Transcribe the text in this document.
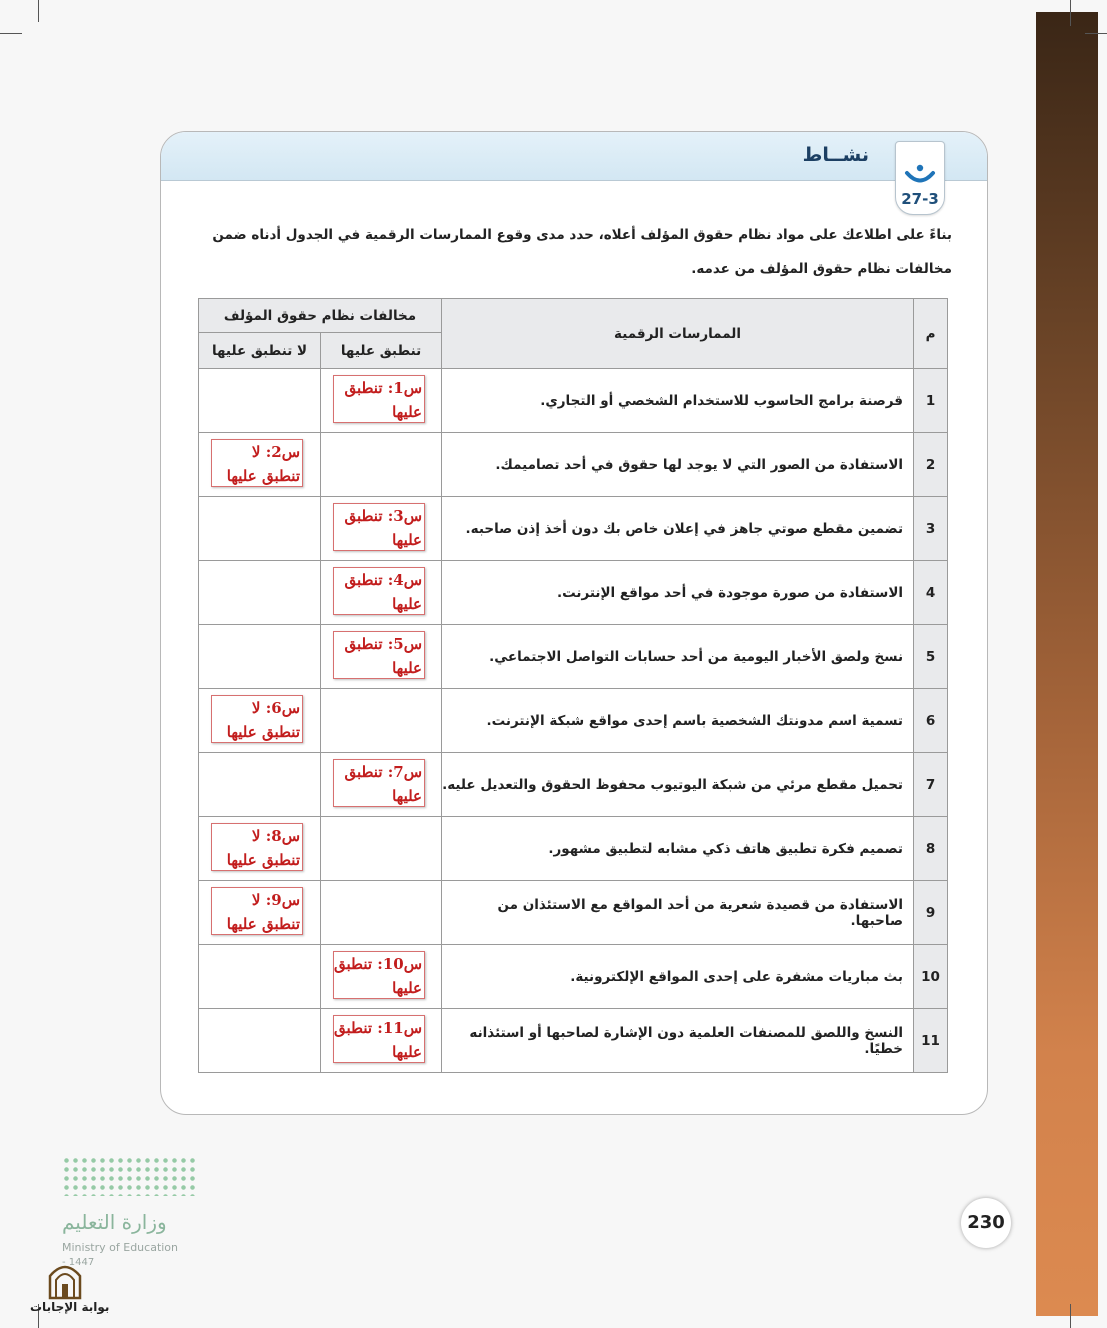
نشــاط
27-3
بناءً على اطلاعك على مواد نظام حقوق المؤلف أعلاه، حدد مدى وقوع الممارسات الرقمية في الجدول أدناه ضمن
مخالفات نظام حقوق المؤلف من عدمه.
م	الممارسات الرقمية	مخالفات نظام حقوق المؤلف	
		تنطبق عليها	لا تنطبق عليها
1	قرصنة برامج الحاسوب للاستخدام الشخصي أو التجاري.	س1: تنطبق عليها	

2	الاستفادة من الصور التي لا يوجد لها حقوق في أحد تصاميمك.		س2: لا تنطبق عليها

3	تضمين مقطع صوتي جاهز في إعلان خاص بك دون أخذ إذن صاحبه.	س3: تنطبق عليها	

4	الاستفادة من صورة موجودة في أحد مواقع الإنترنت.	س4: تنطبق عليها	

5	نسخ ولصق الأخبار اليومية من أحد حسابات التواصل الاجتماعي.	س5: تنطبق عليها	

6	تسمية اسم مدونتك الشخصية باسم إحدى مواقع شبكة الإنترنت.		س6: لا تنطبق عليها

7	تحميل مقطع مرئي من شبكة اليوتيوب محفوظ الحقوق والتعديل عليه.	س7: تنطبق عليها	

8	تصميم فكرة تطبيق هاتف ذكي مشابه لتطبيق مشهور.		س8: لا تنطبق عليها

9	الاستفادة من قصيدة شعرية من أحد المواقع مع الاستئذان من صاحبها.		س9: لا تنطبق عليها

10	بث مباريات مشفرة على إحدى المواقع الإلكترونية.	س10: تنطبق عليها	

11	النسخ واللصق للمصنفات العلمية دون الإشارة لصاحبها أو استئذانه خطيًا.	س11: تنطبق عليها	

230
وزارة التعليم
Ministry of Education
- 1447
بوابة الإجابات
